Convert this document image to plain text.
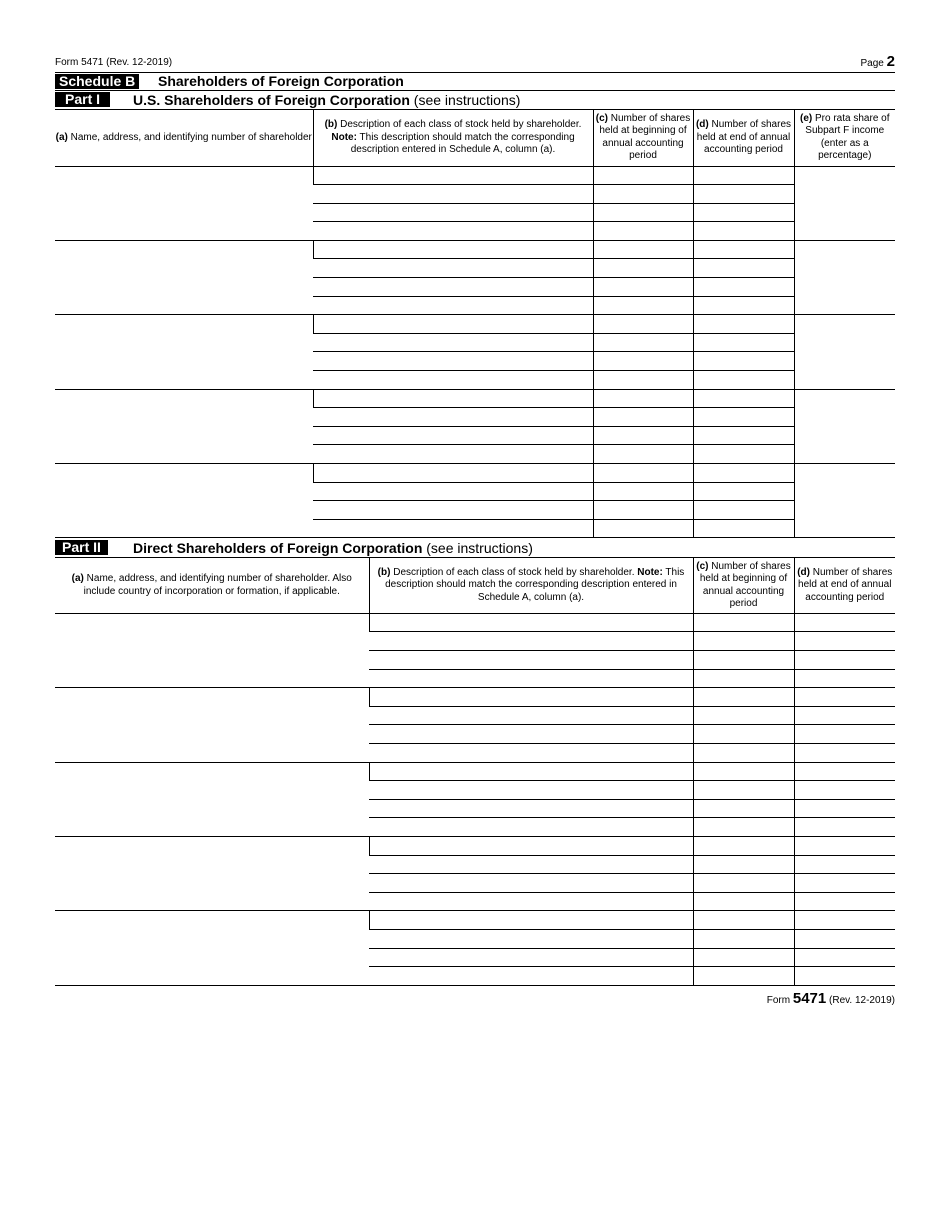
Form 5471 (Rev. 12-2019)	Page 2
Schedule B Shareholders of Foreign Corporation
Part I	U.S. Shareholders of Foreign Corporation (see instructions)
(a) Name, address, and identifying number of shareholder	(b) Description of each class of stock held by shareholder. Note: This description should match the corresponding description entered in Schedule A, column (a).	(c) Number of shares held at beginning of annual accounting period	(d) Number of shares held at end of annual accounting period	(e) Pro rata share of Subpart F income (enter as a percentage)

Part II	Direct Shareholders of Foreign Corporation (see instructions)
(a) Name, address, and identifying number of shareholder. Also include country of incorporation or formation, if applicable.	(b) Description of each class of stock held by shareholder. Note: This description should match the corresponding description entered in Schedule A, column (a).	(c) Number of shares held at beginning of annual accounting period	(d) Number of shares held at end of annual accounting period

Form 5471 (Rev. 12-2019)
